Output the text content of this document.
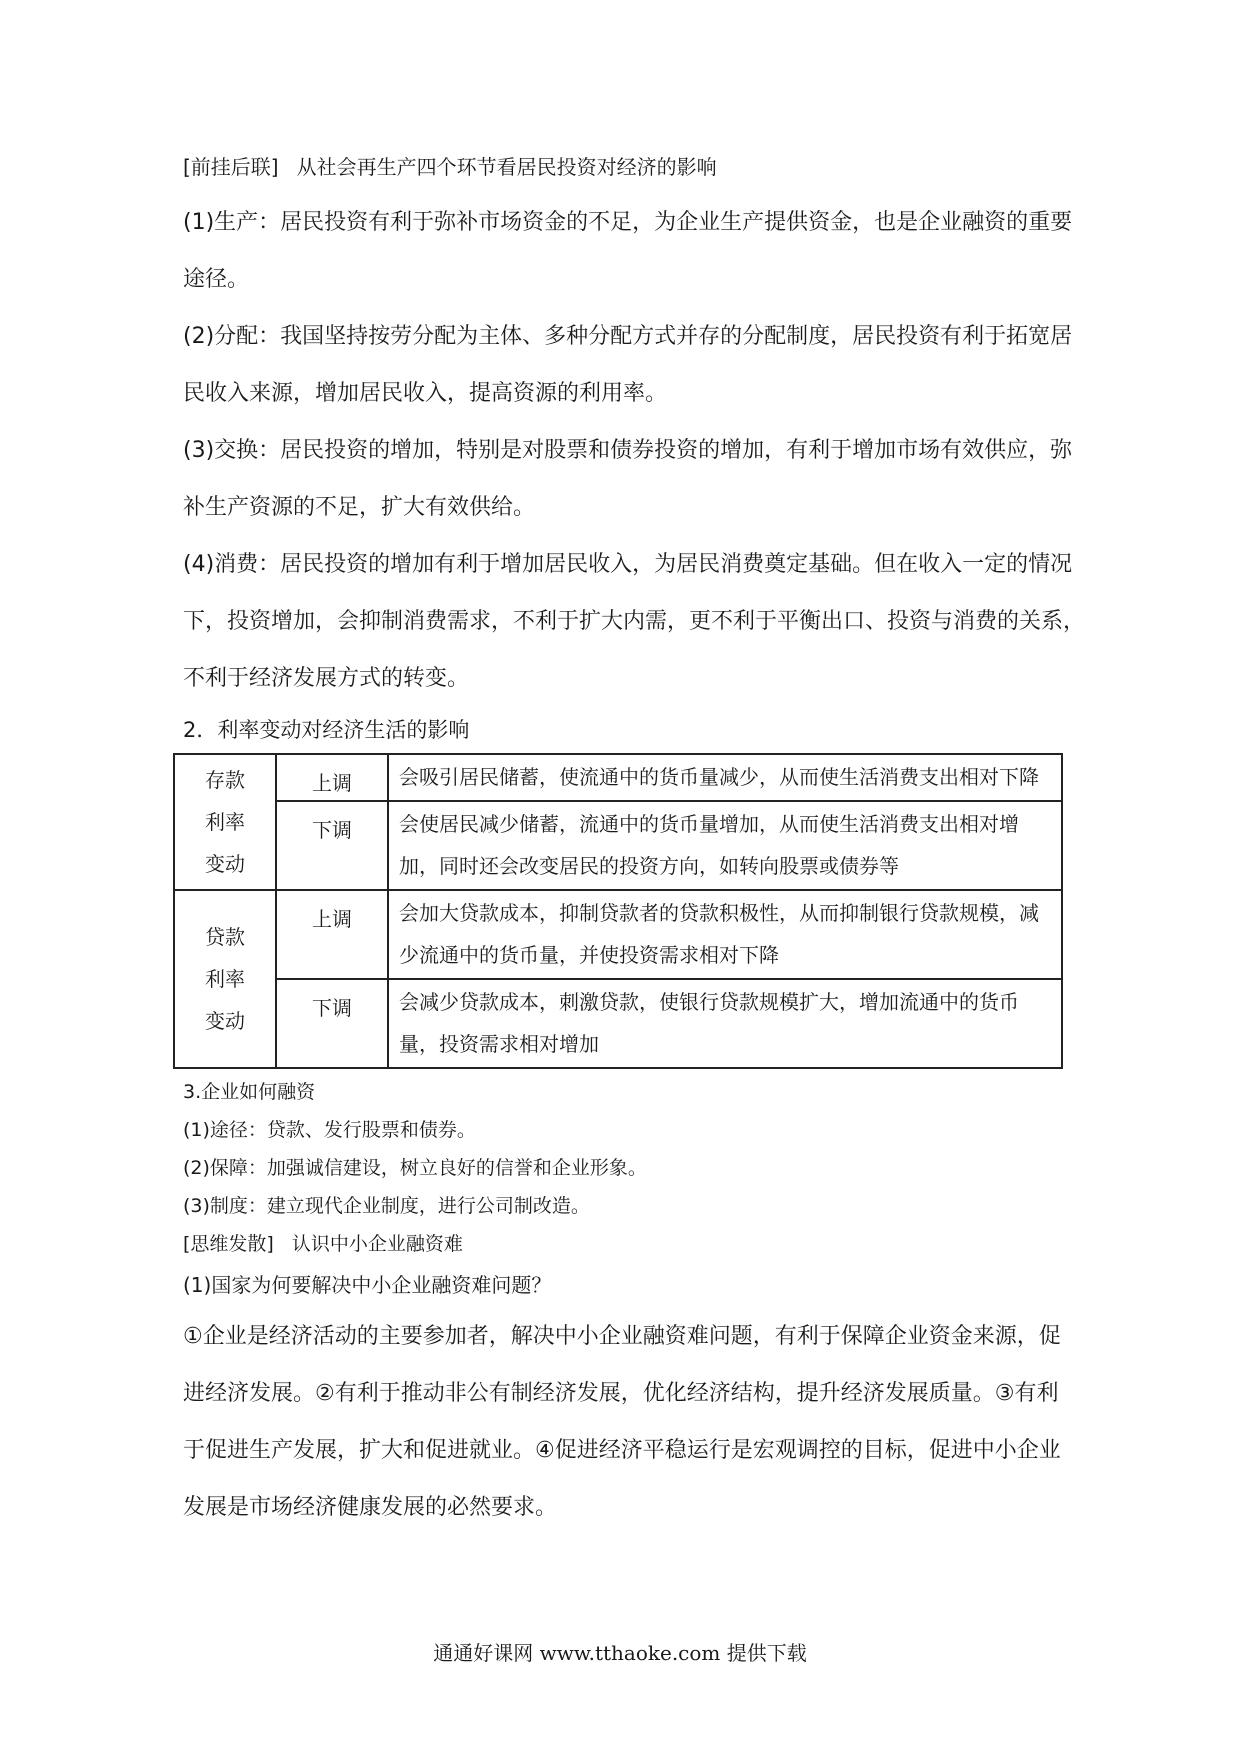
[前挂后联] 从社会再生产四个环节看居民投资对经济的影响

(1)生产：居民投资有利于弥补市场资金的不足，为企业生产提供资金，也是企业融资的重要

途径。

(2)分配：我国坚持按劳分配为主体、多种分配方式并存的分配制度，居民投资有利于拓宽居

民收入来源，增加居民收入，提高资源的利用率。

(3)交换：居民投资的增加，特别是对股票和债券投资的增加，有利于增加市场有效供应，弥

补生产资源的不足，扩大有效供给。

(4)消费：居民投资的增加有利于增加居民收入，为居民消费奠定基础。但在收入一定的情况

下，投资增加，会抑制消费需求，不利于扩大内需，更不利于平衡出口、投资与消费的关系，

不利于经济发展方式的转变。

2．利率变动对经济生活的影响

存款
利率
变动	上调	会吸引居民储蓄，使流通中的货币量减少，从而使生活消费支出相对下降
	下调	会使居民减少储蓄，流通中的货币量增加，从而使生活消费支出相对增加，同时还会改变居民的投资方向，如转向股票或债券等

贷款
利率
变动	上调	会加大贷款成本，抑制贷款者的贷款积极性，从而抑制银行贷款规模，减少流通中的货币量，并使投资需求相对下降
	下调	会减少贷款成本，刺激贷款，使银行贷款规模扩大，增加流通中的货币量，投资需求相对增加

3.企业如何融资

(1)途径：贷款、发行股票和债券。

(2)保障：加强诚信建设，树立良好的信誉和企业形象。

(3)制度：建立现代企业制度，进行公司制改造。

[思维发散] 认识中小企业融资难

(1)国家为何要解决中小企业融资难问题？

①企业是经济活动的主要参加者，解决中小企业融资难问题，有利于保障企业资金来源，促

进经济发展。②有利于推动非公有制经济发展，优化经济结构，提升经济发展质量。③有利

于促进生产发展，扩大和促进就业。④促进经济平稳运行是宏观调控的目标，促进中小企业

发展是市场经济健康发展的必然要求。

通通好课网 www.tthaoke.com 提供下载
